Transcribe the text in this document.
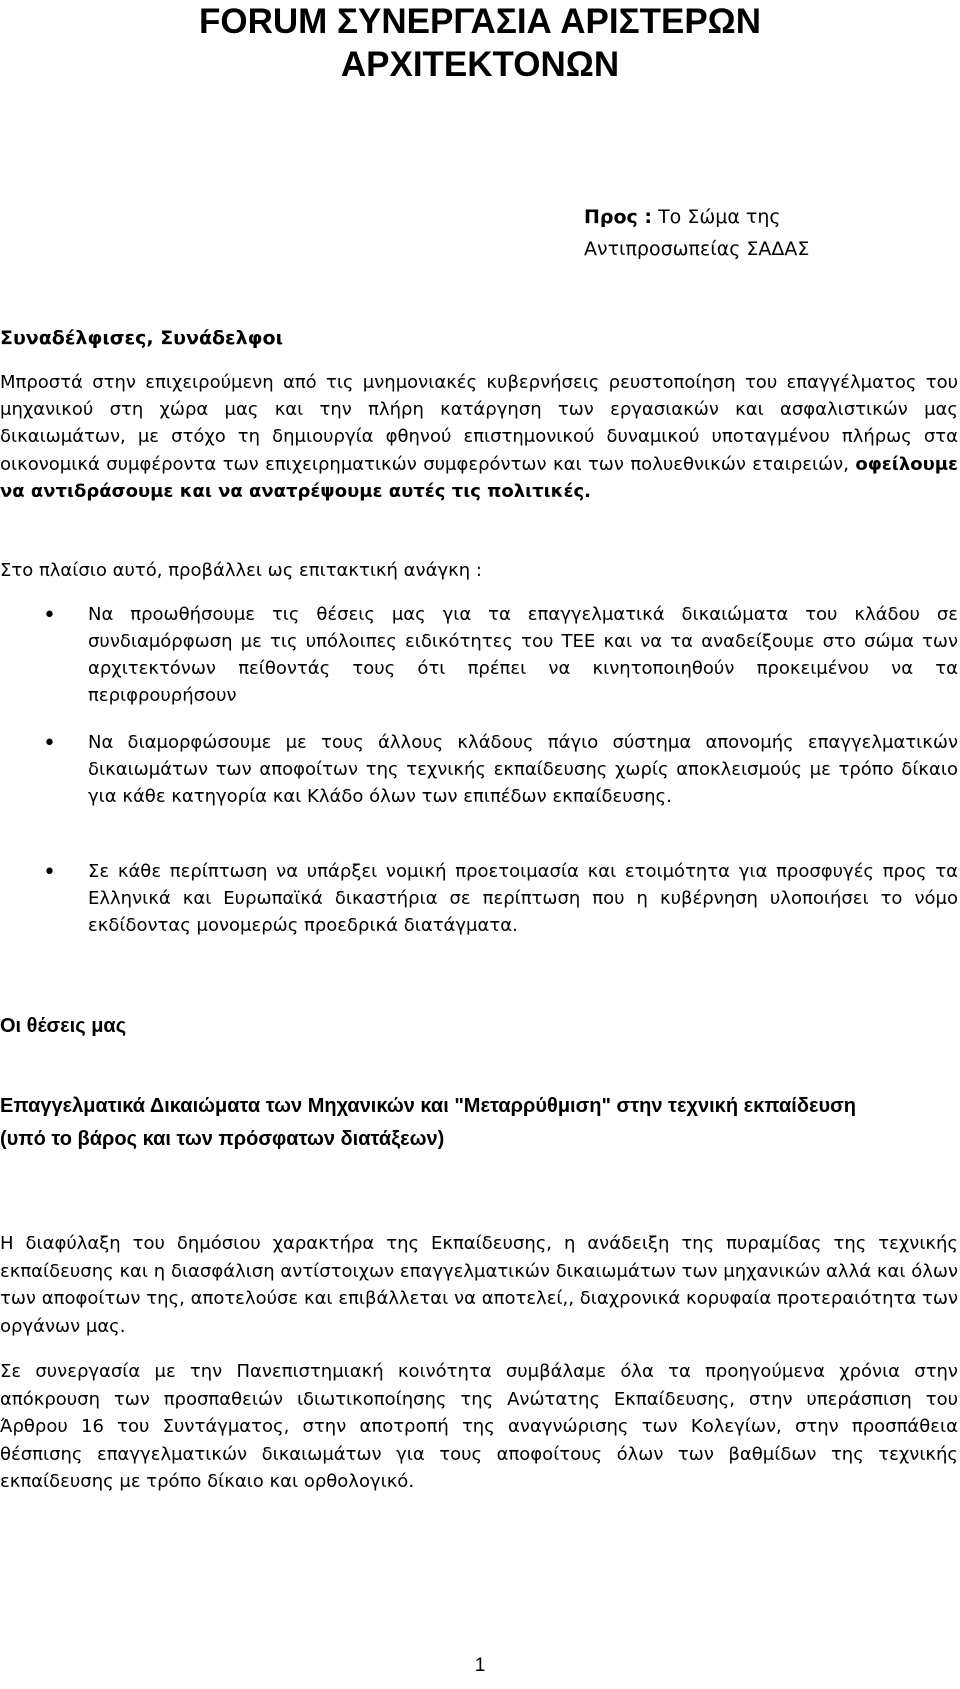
FORUM ΣΥΝΕΡΓΑΣΙΑ ΑΡΙΣΤΕΡΩΝ
ΑΡΧΙΤΕΚΤΟΝΩΝ
Προς : Το Σώμα της
Αντιπροσωπείας ΣΑΔΑΣ

Συναδέλφισες, Συνάδελφοι

Μπροστά στην επιχειρούμενη από τις μνημονιακές κυβερνήσεις ρευστοποίηση του επαγγέλματος του μηχανικού στη χώρα μας και την πλήρη κατάργηση των εργασιακών και ασφαλιστικών μας δικαιωμάτων, με στόχο τη δημιουργία φθηνού επιστημονικού δυναμικού υποταγμένου πλήρως στα οικονομικά συμφέροντα των επιχειρηματικών συμφερόντων και των πολυεθνικών εταιρειών, οφείλουμε να αντιδράσουμε και να ανατρέψουμε αυτές τις πολιτικές.

Στο πλαίσιο αυτό, προβάλλει ως επιτακτική ανάγκη :

• Να προωθήσουμε τις θέσεις μας για τα επαγγελματικά δικαιώματα του κλάδου σε συνδιαμόρφωση με τις υπόλοιπες ειδικότητες του ΤΕΕ και να τα αναδείξουμε στο σώμα των αρχιτεκτόνων πείθοντάς τους ότι πρέπει να κινητοποιηθούν προκειμένου να τα περιφρουρήσουν
• Να διαμορφώσουμε με τους άλλους κλάδους πάγιο σύστημα απονομής επαγγελματικών δικαιωμάτων των αποφοίτων της τεχνικής εκπαίδευσης χωρίς αποκλεισμούς με τρόπο δίκαιο για κάθε κατηγορία και Κλάδο όλων των επιπέδων εκπαίδευσης.
• Σε κάθε περίπτωση να υπάρξει νομική προετοιμασία και ετοιμότητα για προσφυγές προς τα Ελληνικά και Ευρωπαϊκά δικαστήρια σε περίπτωση που η κυβέρνηση υλοποιήσει το νόμο εκδίδοντας μονομερώς προεδρικά διατάγματα.
Οι θέσεις μας
Επαγγελματικά Δικαιώματα των Μηχανικών και "Μεταρρύθμιση" στην τεχνική εκπαίδευση
(υπό το βάρος και των πρόσφατων διατάξεων)

Η διαφύλαξη του δημόσιου χαρακτήρα της Εκπαίδευσης, η ανάδειξη της πυραμίδας της τεχνικής εκπαίδευσης και η διασφάλιση αντίστοιχων επαγγελματικών δικαιωμάτων των μηχανικών αλλά και όλων των αποφοίτων της, αποτελούσε και επιβάλλεται να αποτελεί,, διαχρονικά κορυφαία προτεραιότητα των οργάνων μας.

Σε συνεργασία με την Πανεπιστημιακή κοινότητα συμβάλαμε όλα τα προηγούμενα χρόνια στην απόκρουση των προσπαθειών ιδιωτικοποίησης της Ανώτατης Εκπαίδευσης, στην υπεράσπιση του Άρθρου 16 του Συντάγματος, στην αποτροπή της αναγνώρισης των Κολεγίων, στην προσπάθεια θέσπισης επαγγελματικών δικαιωμάτων για τους αποφοίτους όλων των βαθμίδων της τεχνικής εκπαίδευσης με τρόπο δίκαιο και ορθολογικό.

1
